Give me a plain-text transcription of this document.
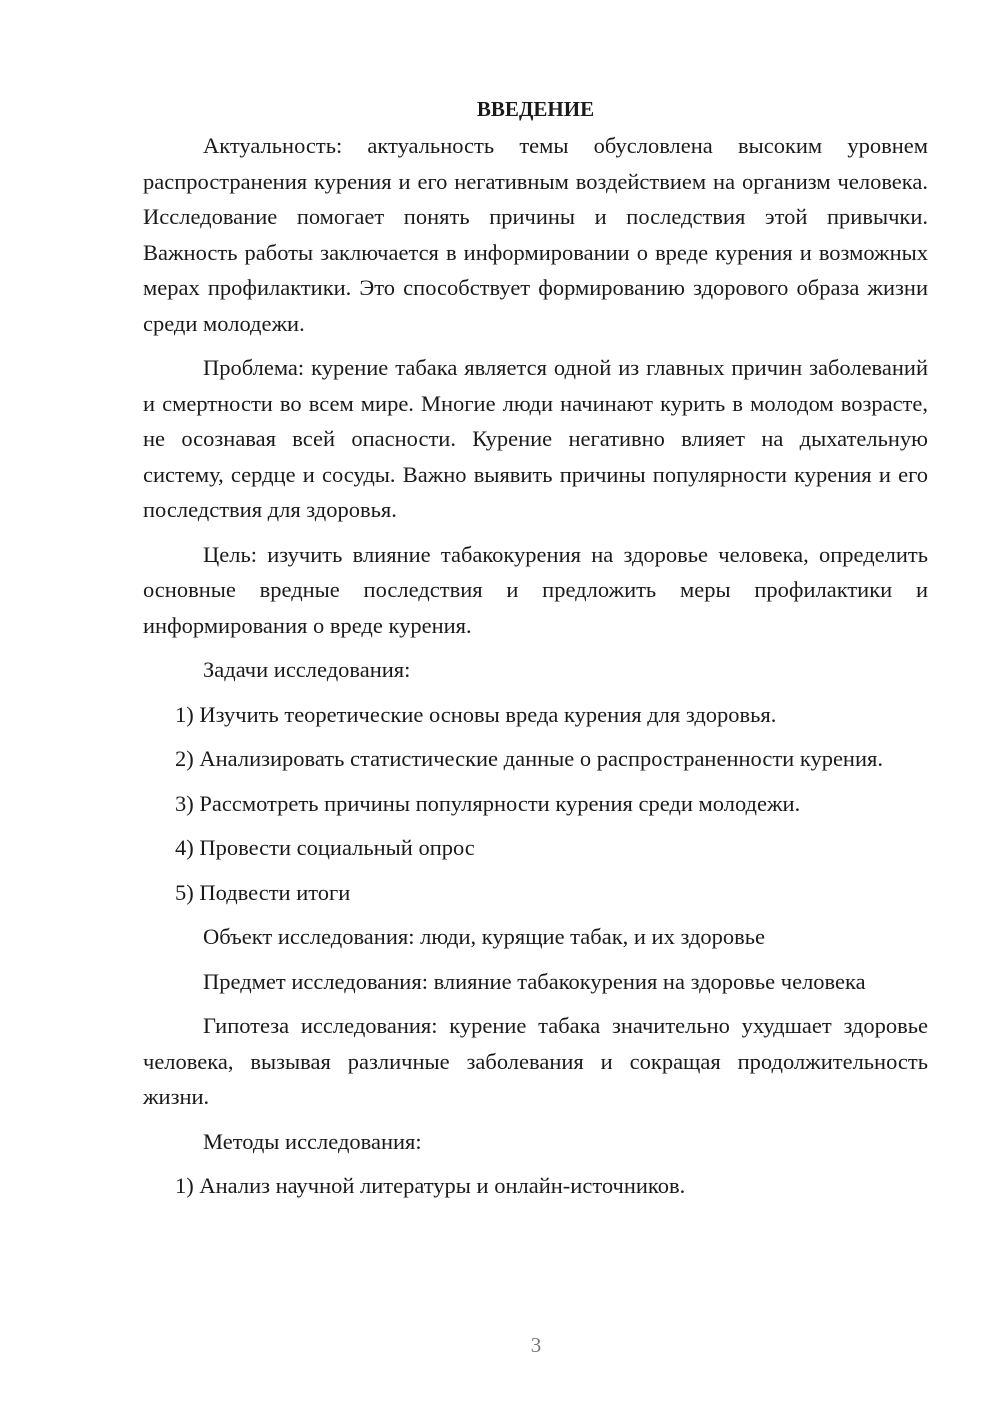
ВВЕДЕНИЕ

Актуальность: актуальность темы обусловлена высоким уровнем распространения курения и его негативным воздействием на организм человека. Исследование помогает понять причины и последствия этой привычки. Важность работы заключается в информировании о вреде курения и возможных мерах профилактики. Это способствует формированию здорового образа жизни среди молодежи.

Проблема: курение табака является одной из главных причин заболеваний и смертности во всем мире. Многие люди начинают курить в молодом возрасте, не осознавая всей опасности. Курение негативно влияет на дыхательную систему, сердце и сосуды. Важно выявить причины популярности курения и его последствия для здоровья.

Цель: изучить влияние табакокурения на здоровье человека, определить основные вредные последствия и предложить меры профилактики и информирования о вреде курения.

Задачи исследования:

1) Изучить теоретические основы вреда курения для здоровья.

2) Анализировать статистические данные о распространенности курения.

3) Рассмотреть причины популярности курения среди молодежи.

4) Провести социальный опрос

5) Подвести итоги

Объект исследования: люди, курящие табак, и их здоровье

Предмет исследования: влияние табакокурения на здоровье человека

Гипотеза исследования: курение табака значительно ухудшает здоровье человека, вызывая различные заболевания и сокращая продолжительность жизни.

Методы исследования:

1) Анализ научной литературы и онлайн-источников.

3
